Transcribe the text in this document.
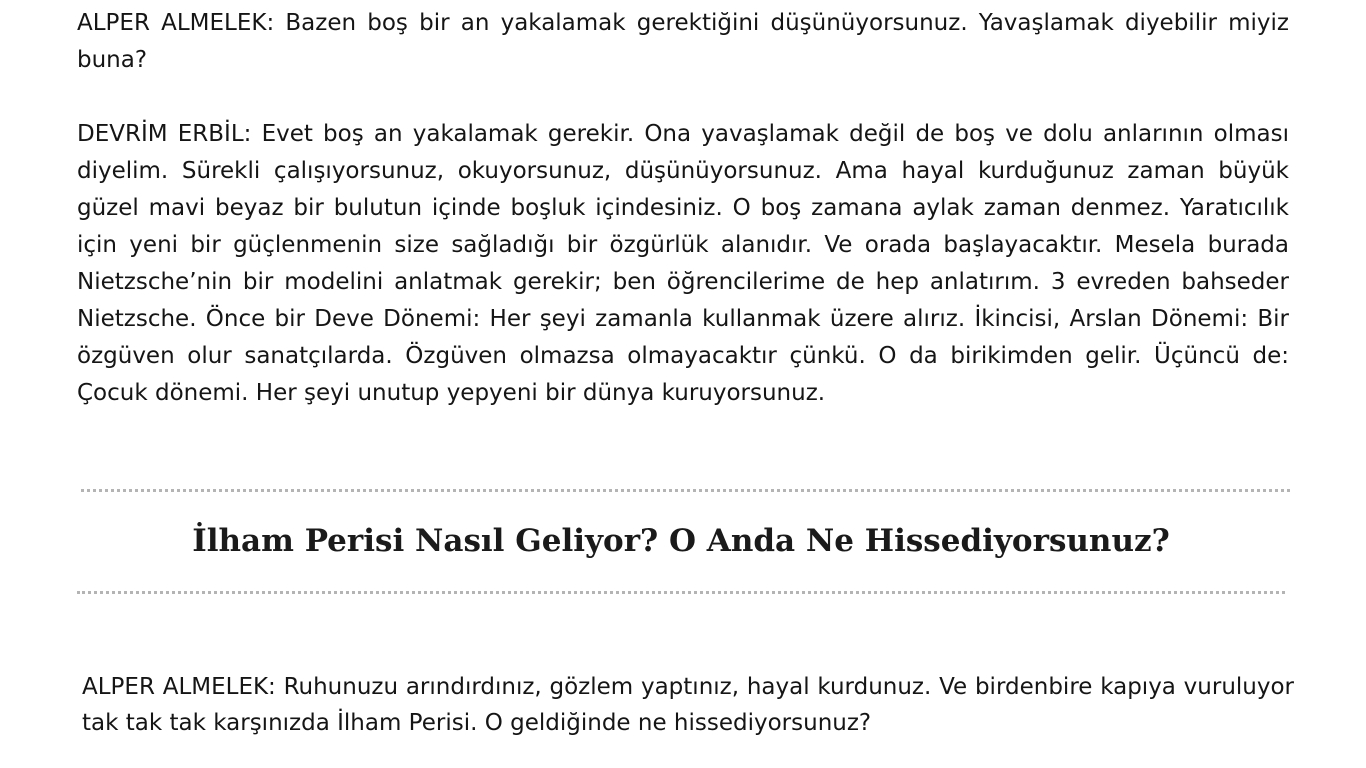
ALPER ALMELEK: Bazen boş bir an yakalamak gerektiğini düşünüyorsunuz. Yavaşlamak diyebilir miyiz buna?

DEVRİM ERBİL: Evet boş an yakalamak gerekir. Ona yavaşlamak değil de boş ve dolu anlarının olması diyelim. Sürekli çalışıyorsunuz, okuyorsunuz, düşünüyorsunuz. Ama hayal kurduğunuz zaman büyük güzel mavi beyaz bir bulutun içinde boşluk içindesiniz. O boş zamana aylak zaman denmez. Yaratıcılık için yeni bir güçlenmenin size sağladığı bir özgürlük alanıdır. Ve orada başlayacaktır. Mesela burada Nietzsche’nin bir modelini anlatmak gerekir; ben öğrencilerime de hep anlatırım. 3 evreden bahseder Nietzsche. Önce bir Deve Dönemi: Her şeyi zamanla kullanmak üzere alırız. İkincisi, Arslan Dönemi: Bir özgüven olur sanatçılarda. Özgüven olmazsa olmayacaktır çünkü. O da birikimden gelir. Üçüncü de: Çocuk dönemi. Her şeyi unutup yepyeni bir dünya kuruyorsunuz.

İlham Perisi Nasıl Geliyor? O Anda Ne Hissediyorsunuz?

ALPER ALMELEK: Ruhunuzu arındırdınız, gözlem yaptınız, hayal kurdunuz. Ve birdenbire kapıya vuruluyor tak tak tak karşınızda İlham Perisi. O geldiğinde ne hissediyorsunuz?
